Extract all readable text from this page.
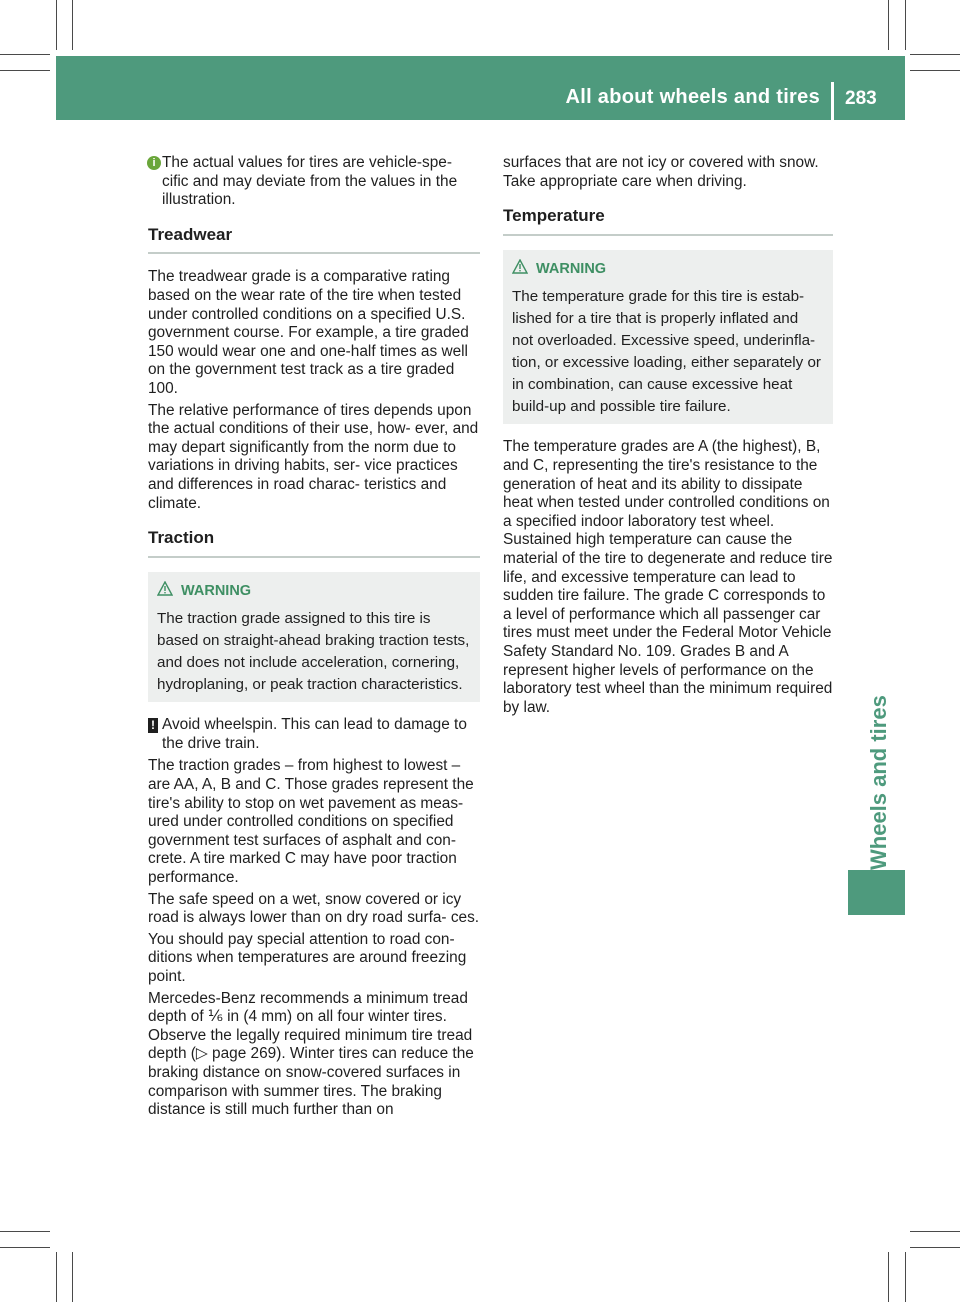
All about wheels and tires 283
Wheels and tires
i The actual values for tires are vehicle-spe- cific and may deviate from the values in the illustration.
Treadwear

The treadwear grade is a comparative rating based on the wear rate of the tire when tested under controlled conditions on a specified U.S. government course. For example, a tire graded 150 would wear one and one-half times as well on the government test track as a tire graded 100.

The relative performance of tires depends upon the actual conditions of their use, how- ever, and may depart significantly from the norm due to variations in driving habits, ser- vice practices and differences in road charac- teristics and climate.

Traction
WARNING
The traction grade assigned to this tire is based on straight-ahead braking traction tests, and does not include acceleration, cornering, hydroplaning, or peak traction characteristics.
! Avoid wheelspin. This can lead to damage to the drive train.

The traction grades – from highest to lowest – are AA, A, B and C. Those grades represent the tire's ability to stop on wet pavement as meas- ured under controlled conditions on specified government test surfaces of asphalt and con- crete. A tire marked C may have poor traction performance.

The safe speed on a wet, snow covered or icy road is always lower than on dry road surfa- ces.

You should pay special attention to road con- ditions when temperatures are around freezing point.

Mercedes-Benz recommends a minimum tread depth of ⅙ in (4 mm) on all four winter tires. Observe the legally required minimum tire tread depth (▷ page 269). Winter tires can reduce the braking distance on snow-covered surfaces in comparison with summer tires. The braking distance is still much further than on

surfaces that are not icy or covered with snow. Take appropriate care when driving.

Temperature
WARNING
The temperature grade for this tire is estab- lished for a tire that is properly inflated and not overloaded. Excessive speed, underinfla- tion, or excessive loading, either separately or in combination, can cause excessive heat build-up and possible tire failure.

The temperature grades are A (the highest), B, and C, representing the tire's resistance to the generation of heat and its ability to dissipate heat when tested under controlled conditions on a specified indoor laboratory test wheel. Sustained high temperature can cause the material of the tire to degenerate and reduce tire life, and excessive temperature can lead to sudden tire failure. The grade C corresponds to a level of performance which all passenger car tires must meet under the Federal Motor Vehicle Safety Standard No. 109. Grades B and A represent higher levels of performance on the laboratory test wheel than the minimum required by law.
